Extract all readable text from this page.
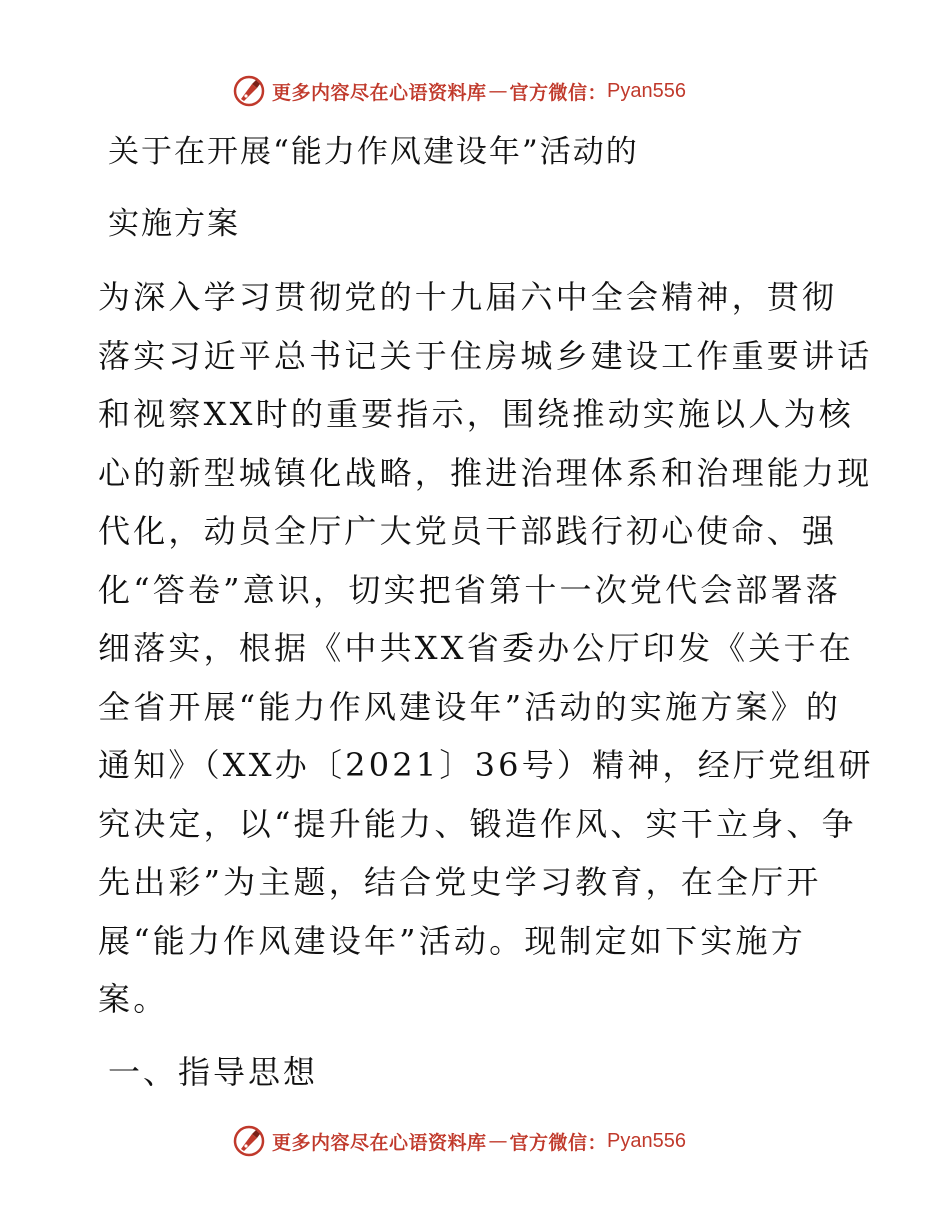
更多内容尽在心语资料库 — 官方微信： Pyan556
关于在开展“能力作风建设年”活动的
实施方案
为深入学习贯彻党的十九届六中全会精神，贯彻
落实习近平总书记关于住房城乡建设工作重要讲话
和视察XX时的重要指示，围绕推动实施以人为核
心的新型城镇化战略，推进治理体系和治理能力现
代化，动员全厅广大党员干部践行初心使命、强
化“答卷”意识，切实把省第十一次党代会部署落
细落实，根据《中共XX省委办公厅印发《关于在
全省开展“能力作风建设年”活动的实施方案》的
通知》（XX办〔2021〕36号）精神，经厅党组研
究决定，以“提升能力、锻造作风、实干立身、争
先出彩”为主题，结合党史学习教育，在全厅开
展“能力作风建设年”活动。现制定如下实施方
案。
一、指导思想
更多内容尽在心语资料库 — 官方微信： Pyan556
